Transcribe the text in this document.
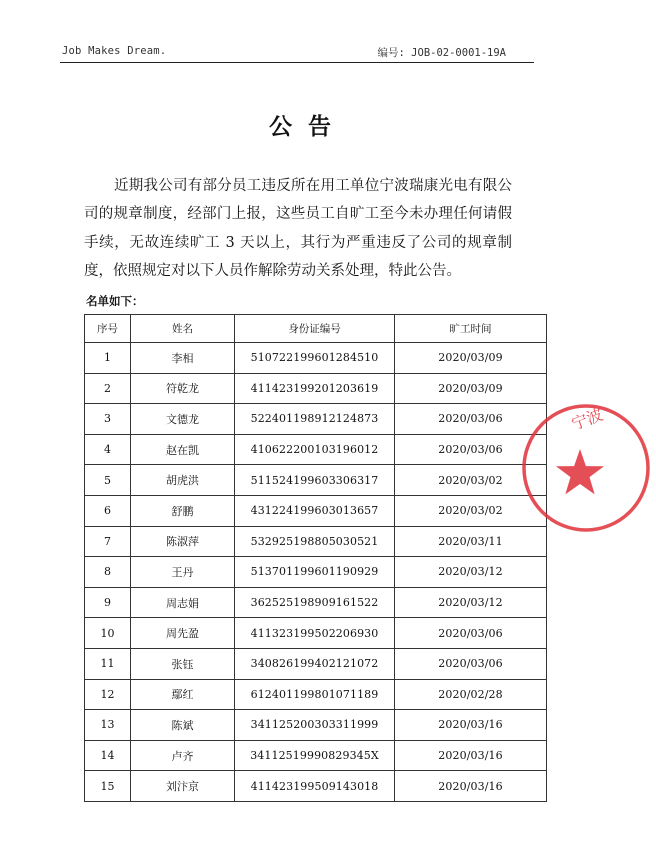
Job Makes Dream.	编号: JOB-02-0001-19A
公告
近期我公司有部分员工违反所在用工单位宁波瑞康光电有限公司的规章制度，经部门上报，这些员工自旷工至今未办理任何请假手续，无故连续旷工 3 天以上，其行为严重违反了公司的规章制度，依照规定对以下人员作解除劳动关系处理，特此公告。
名单如下：
序号	姓名	身份证编号	旷工时间
1	李相	510722199601284510	2020/03/09
2	符乾龙	411423199201203619	2020/03/09
3	文德龙	522401198912124873	2020/03/06
4	赵在凯	410622200103196012	2020/03/06
5	胡虎洪	511524199603306317	2020/03/02
6	舒鹏	431224199603013657	2020/03/02
7	陈淑萍	532925198805030521	2020/03/11
8	王丹	513701199601190929	2020/03/12
9	周志娟	362525198909161522	2020/03/12
10	周先盈	411323199502206930	2020/03/06
11	张钰	340826199402121072	2020/03/06
12	鄢红	612401199801071189	2020/02/28
13	陈斌	341125200303311999	2020/03/16
14	卢齐	34112519990829345X	2020/03/16
15	刘汴京	411423199509143018	2020/03/16
宁波
